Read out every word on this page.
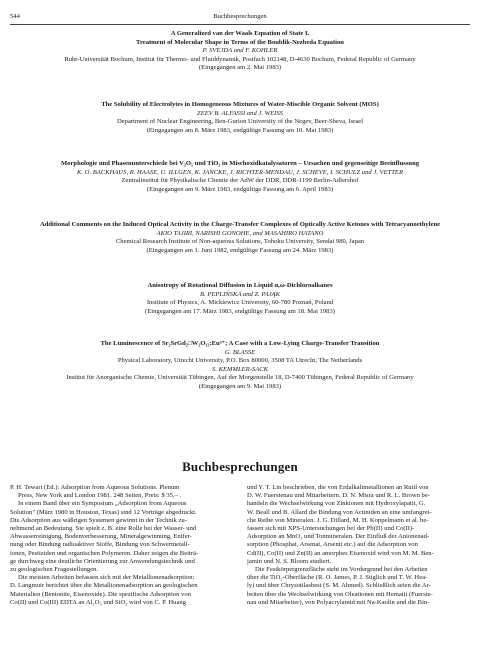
544	Buchbesprechungen
A Generalized van der Waals Equation of State I.
Treatment of Molecular Shape in Terms of the Boublik-Nezbeda Equation
P. SVEJDA and F. KOHLER
Ruhr-Universität Bochum, Institut für Thermo- und Fluiddynamik, Postfach 102148, D-4630 Bochum, Federal Republic of Germany
(Eingegangen am 2. Mai 1983)
The Solubility of Electrolytes in Homogeneous Mixtures of Water-Miscible Organic Solvent (MOS)
ZEEV B. ALFASSI and J. WEISS
Department of Nuclear Engineering, Ben-Gurion University of the Negev, Beer-Sheva, Israel
(Eingegangen am 8. März 1983, endgültige Fassung am 10. Mai 1983)
Morphologie und Phasenunterschiede bei V₂O₅ und TiO₂ in Mischoxidkatalysatoren – Ursachen und gegenseitige Beeinflussung
K. O. BACKHAUS, R. HAASE, U. ILLGEN, K. JANCKE, J. RICHTER-MENDAU, J. SCHEVE, I. SCHULZ und J. VETTER
Zentralinstitut für Physikalische Chemie der AdW der DDR, DDR-1199 Berlin-Adlershof
(Eingegangen am 9. März 1983, endgültige Fassung am 6. April 1983)
Additional Comments on the Induced Optical Activity in the Charge-Transfer Complexes of Optically Active Ketones with Tetracyanoethylene
AKIO TAJIRI, NARISHI GONOHE, and MASAHIRO HATANO
Chemical Research Institute of Non-aqueous Solutions, Tohoku University, Sendai 980, Japan
(Eingegangen am 1. Juni 1982, endgültige Fassung am 24. März 1983)
Anisotropy of Rotational Diffusion in Liquid α,ω-Dichloroalkanes
B. PEPLIŃSKA and Z. PAJĄK
Institute of Physics, A. Mickiewicz University, 60-780 Poznań, Poland
(Eingegangen am 17. März 1983, endgültige Fassung am 18. Mai 1983)
The Luminescence of Sr₂SrGd₂□W₂O₁₂:Eu³⁺; A Case with a Low-Lying Charge-Transfer Transition
G. BLASSE
Physical Laboratory, Utrecht University, P.O. Box 80000, 3508 TA Utrecht, The Netherlands
S. KEMMLER-SACK
Institut für Anorganische Chemie, Universität Tübingen, Auf der Morgenstelle 18, D-7400 Tübingen, Federal Republic of Germany
(Eingegangen am 9. Mai 1983)
Buchbesprechungen
P. H. Tewari (Ed.): Adsorption from Aqueous Solutions. Plenum
Press, New York and London 1981. 248 Seiten, Preis: $ 35,– .
In einem Band über ein Symposium „Adsorption from Aqueous
Solution" (März 1980 in Houston, Texas) sind 12 Vorträge abgedruckt.
Die Adsorption aus wäßrigen Systemen gewinnt in der Technik zu-
nehmend an Bedeutung. Sie spielt z. B. eine Rolle bei der Wasser- und
Abwasserreinigung, Bodenverbesserung, Mineralgewinnung, Entfer-
nung oder Bindung radioaktiver Stoffe, Bindung von Schwermetall-
ionen, Pestiziden und organischen Polymeren. Daher zeigen die Beiträ-
ge durchweg eine deutliche Orientierung zur Anwendungstechnik und
zu geologischen Fragestellungen.
Die meisten Arbeiten befassen sich mit der Metallionenadsorption:
D. Langmuir berichtet über die Metallionenadsorption an geologischen
Materialien (Bentonite, Eisenoxide). Die spezifische Adsorption von
Co(II) und Co(III) EDTA an Al₂O₃ und SiO₂ wird von C. P. Huang
und Y. T. Lin beschrieben, die von Erdalkalimetallionen an Rutil von
D. W. Fuerstenau und Mitarbeitern. D. N. Misra und R. L. Brown be-
handeln die Wechselwirkung von Zinkionen mit Hydroxylapatit, G.
W. Beall und B. Allard die Bindung von Actiniden an eine umfangrei-
che Reihe von Mineralen. J. G. Dillard, M. H. Koppelmann et al. be-
fassen sich mit XPS-Untersuchungen bei der Pb(II) und Co(II)-
Adsorption an MnO₂ und Tonmineralen. Der Einfluß der Anionenad-
sorption (Phosphat, Arsenat, Arsenit etc.) auf die Adsorption von
Cd(II), Co(II) und Zn(II) an amorphes Eisenoxid wird von M. M. Ben-
jamin und N. S. Bloom studiert.
Die Festkörpergrenzfläche steht im Vordergrund bei den Arbeiten
über die TiO₂-Oberfläche (R. O. James, P. J. Stiglich und T. W. Hea-
ly) und über Chrysotilasbest (S. M. Ahmed). Schließlich seien die Ar-
beiten über die Wechselwirkung von Oleationen mit Hematit (Fuerste-
nau und Mitarbeiter), von Polyacrylamid mit Na-Kaolin und die Bin-
